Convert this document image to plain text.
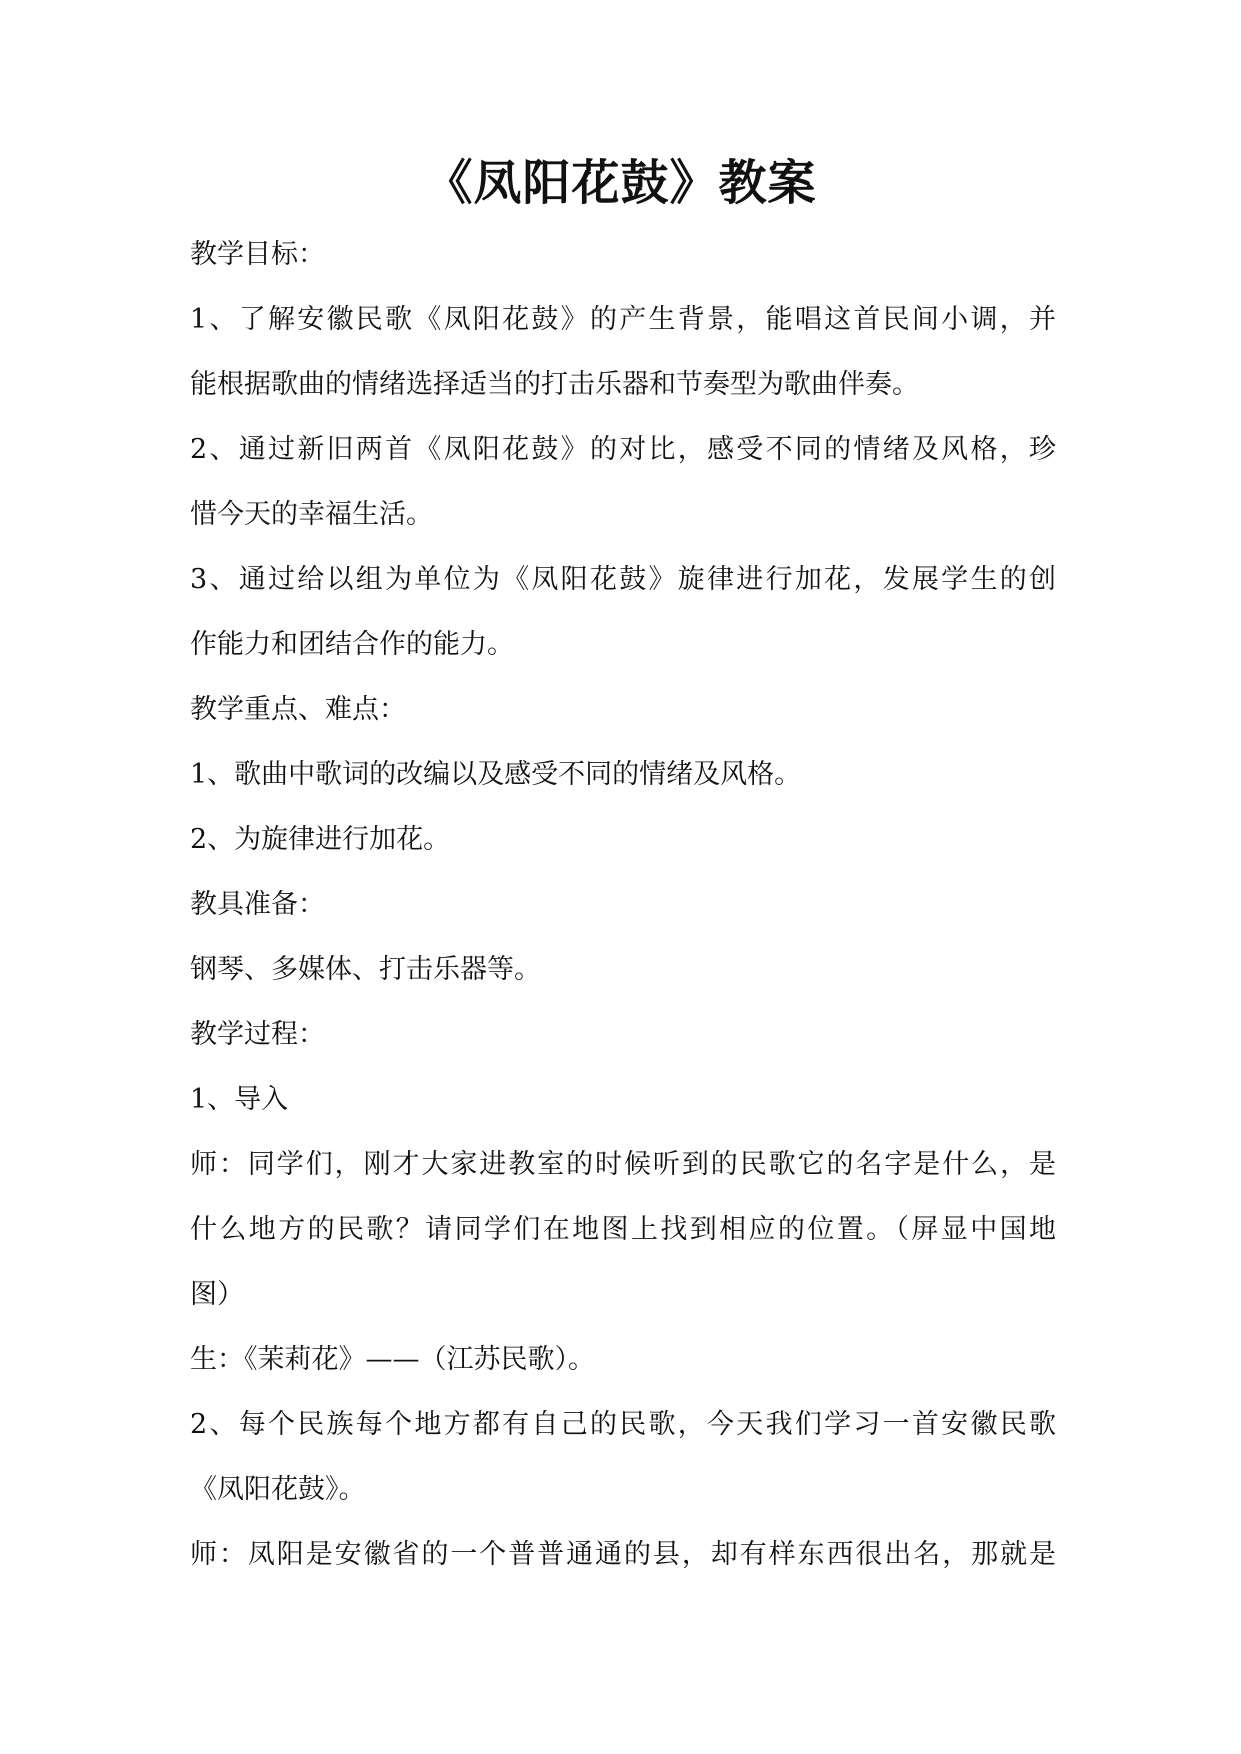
《凤阳花鼓》教案
教学目标：
1、了解安徽民歌《凤阳花鼓》的产生背景，能唱这首民间小调，并
能根据歌曲的情绪选择适当的打击乐器和节奏型为歌曲伴奏。
2、通过新旧两首《凤阳花鼓》的对比，感受不同的情绪及风格，珍
惜今天的幸福生活。
3、通过给以组为单位为《凤阳花鼓》旋律进行加花，发展学生的创
作能力和团结合作的能力。
教学重点、难点：
1、歌曲中歌词的改编以及感受不同的情绪及风格。
2、为旋律进行加花。
教具准备：
钢琴、多媒体、打击乐器等。
教学过程：
1、导入
师：同学们，刚才大家进教室的时候听到的民歌它的名字是什么，是
什么地方的民歌？请同学们在地图上找到相应的位置。（屏显中国地
图）
生：《茉莉花》——（江苏民歌）。
2、每个民族每个地方都有自己的民歌，今天我们学习一首安徽民歌
《凤阳花鼓》。
师：凤阳是安徽省的一个普普通通的县，却有样东西很出名，那就是
